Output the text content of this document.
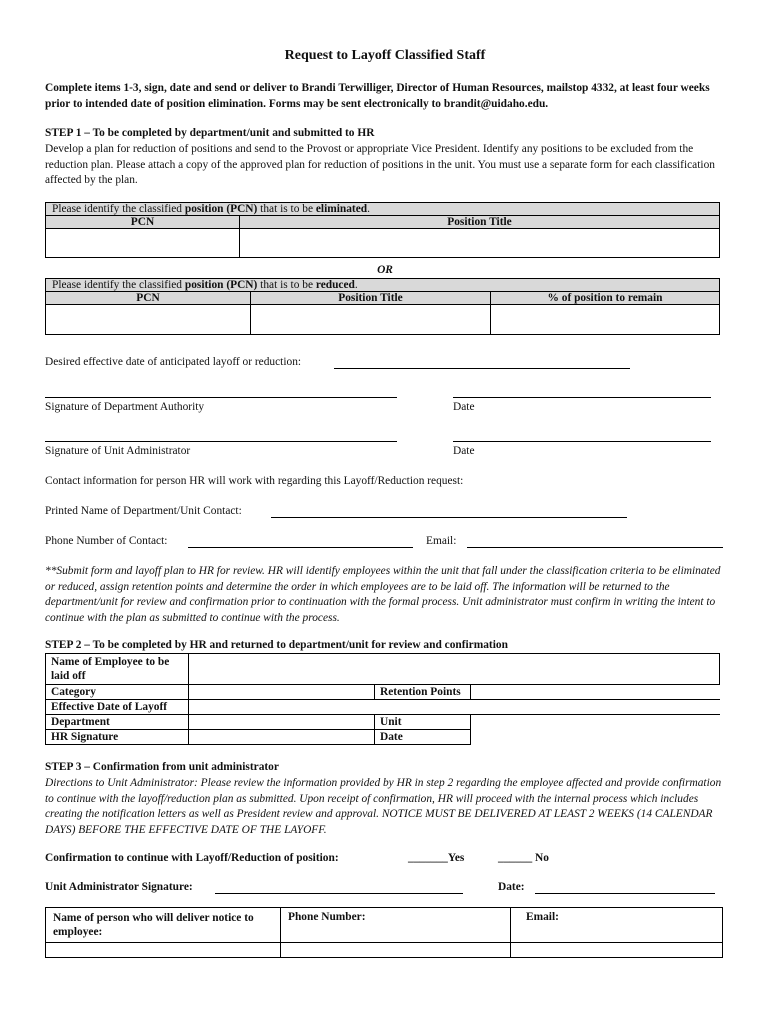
Request to Layoff Classified Staff
Complete items 1-3, sign, date and send or deliver to Brandi Terwilliger, Director of Human Resources, mailstop 4332, at least four weeks prior to intended date of position elimination. Forms may be sent electronically to brandit@uidaho.edu.
STEP 1 – To be completed by department/unit and submitted to HR
Develop a plan for reduction of positions and send to the Provost or appropriate Vice President. Identify any positions to be excluded from the reduction plan. Please attach a copy of the approved plan for reduction of positions in the unit. You must use a separate form for each classification affected by the plan.
Please identify the classified position (PCN) that is to be eliminated.	
PCN	Position Title

OR
Please identify the classified position (PCN) that is to be reduced.		
PCN	Position Title	% of position to remain

Desired effective date of anticipated layoff or reduction:
Signature of Department Authority	Date
Signature of Unit Administrator	Date
Contact information for person HR will work with regarding this Layoff/Reduction request:
Printed Name of Department/Unit Contact:
Phone Number of Contact:	Email:
**Submit form and layoff plan to HR for review. HR will identify employees within the unit that fall under the classification criteria to be eliminated or reduced, assign retention points and determine the order in which employees are to be laid off. The information will be returned to the department/unit for review and confirmation prior to continuation with the formal process. Unit administrator must confirm in writing the intent to continue with the plan as submitted to continue with the process.
STEP 2 – To be completed by HR and returned to department/unit for review and confirmation
Name of Employee to be laid off			
Category		Retention Points	
Effective Date of Layoff			
Department		Unit	
HR Signature		Date	
STEP 3 – Confirmation from unit administrator
Directions to Unit Administrator: Please review the information provided by HR in step 2 regarding the employee affected and provide confirmation to continue with the layoff/reduction plan as submitted. Upon receipt of confirmation, HR will proceed with the internal process which includes creating the notification letters as well as President review and approval. NOTICE MUST BE DELIVERED AT LEAST 2 WEEKS (14 CALENDAR DAYS) BEFORE THE EFFECTIVE DATE OF THE LAYOFF.
Confirmation to continue with Layoff/Reduction of position:	_______Yes	______ No
Unit Administrator Signature:	Date:
Name of person who will deliver notice to employee:	Phone Number:	Email:
